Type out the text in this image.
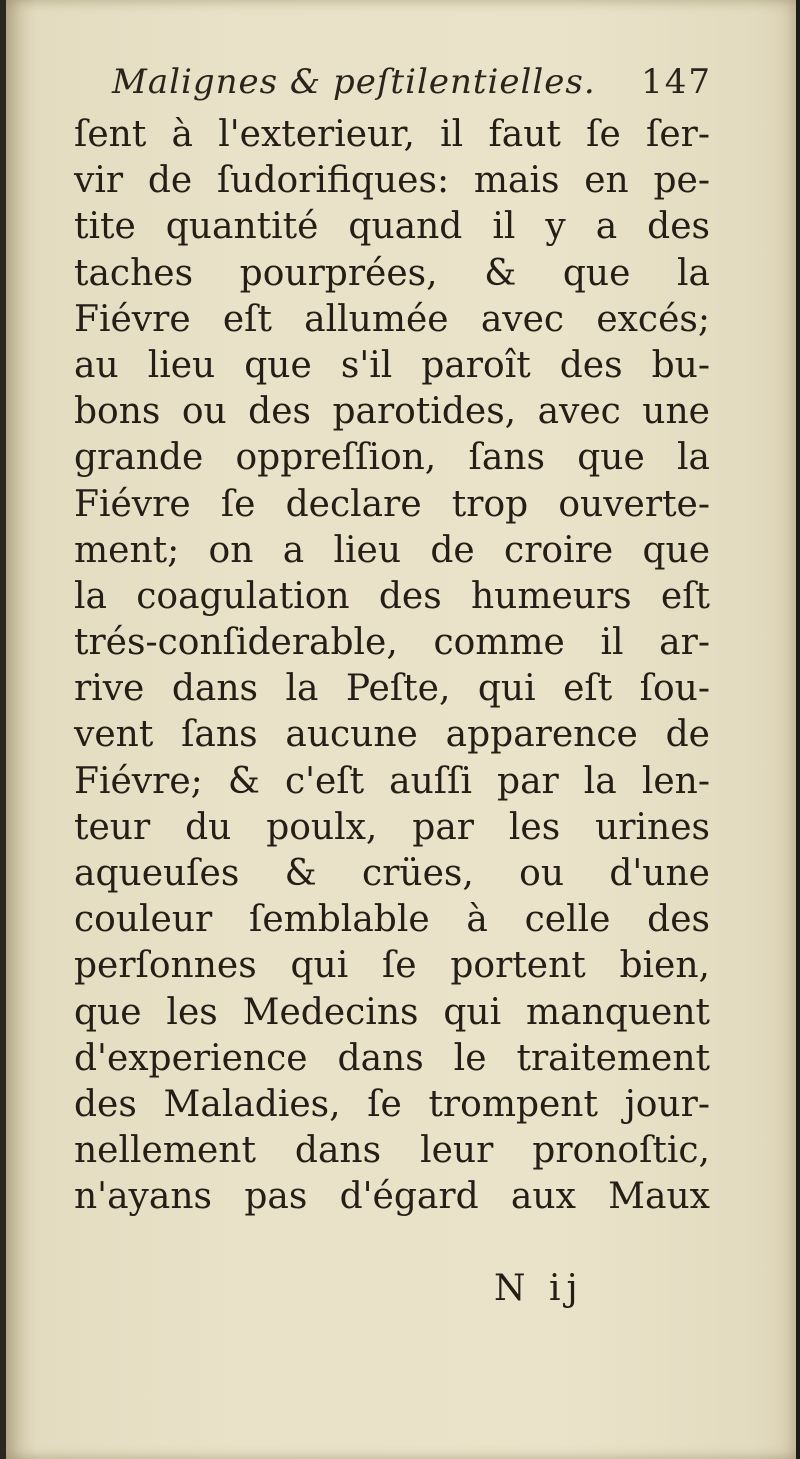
Malignes & peſtilentielles. 147
ſent à l'exterieur, il faut ſe ſer-
vir de ſudorifiques: mais en pe-
tite quantité quand il y a des
taches pourprées, & que la
Fiévre eſt allumée avec excés;
au lieu que s'il paroît des bu-
bons ou des parotides, avec une
grande oppreſſion, ſans que la
Fiévre ſe declare trop ouverte-
ment; on a lieu de croire que
la coagulation des humeurs eſt
trés-conſiderable, comme il ar-
rive dans la Peſte, qui eſt ſou-
vent ſans aucune apparence de
Fiévre; & c'eſt auſſi par la len-
teur du poulx, par les urines
aqueuſes & crües, ou d'une
couleur ſemblable à celle des
perſonnes qui ſe portent bien,
que les Medecins qui manquent
d'experience dans le traitement
des Maladies, ſe trompent jour-
nellement dans leur pronoſtic,
n'ayans pas d'égard aux Maux
N ij
